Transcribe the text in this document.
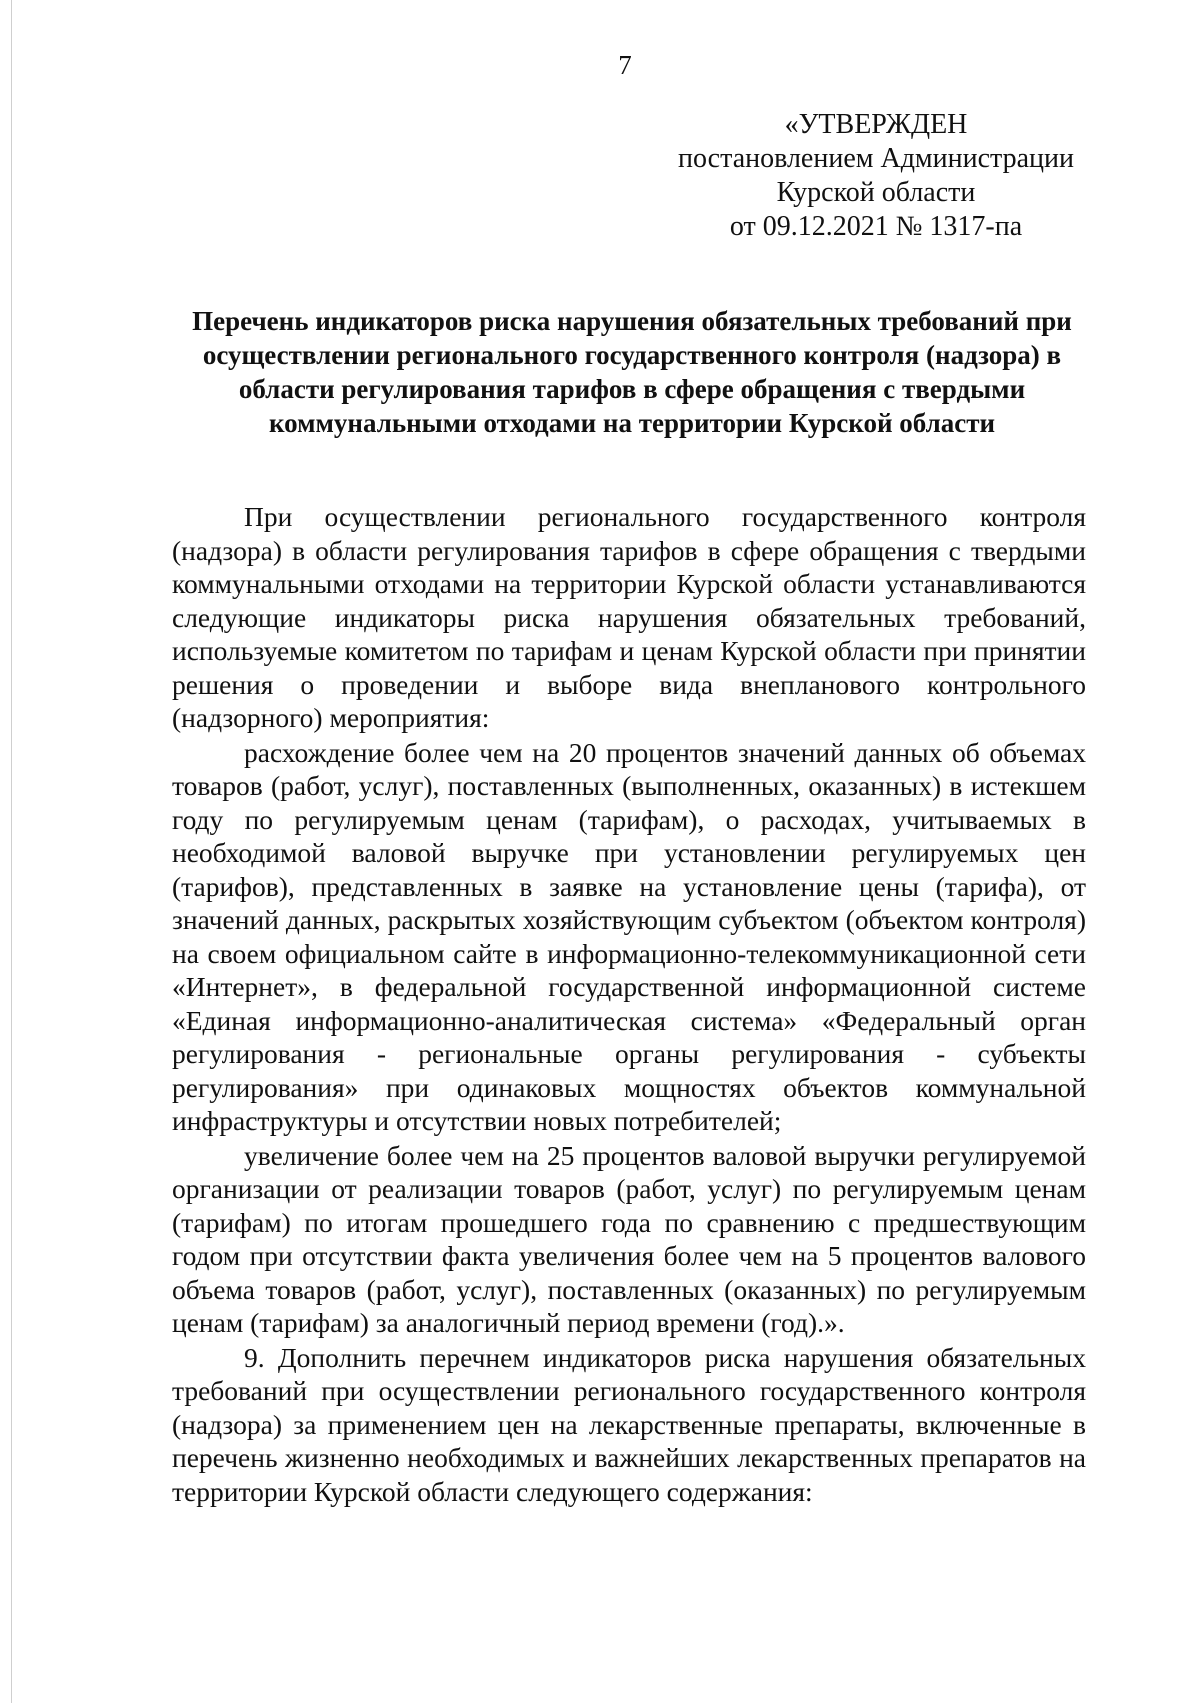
7
«УТВЕРЖДЕН
постановлением Администрации
Курской области
от 09.12.2021 № 1317-па
Перечень индикаторов риска нарушения обязательных требований при осуществлении регионального государственного контроля (надзора) в области регулирования тарифов в сфере обращения с твердыми коммунальными отходами на территории Курской области

При осуществлении регионального государственного контроля (надзора) в области регулирования тарифов в сфере обращения с твердыми коммунальными отходами на территории Курской области устанавливаются следующие индикаторы риска нарушения обязательных требований, используемые комитетом по тарифам и ценам Курской области при принятии решения о проведении и выборе вида внепланового контрольного (надзорного) мероприятия:

расхождение более чем на 20 процентов значений данных об объемах товаров (работ, услуг), поставленных (выполненных, оказанных) в истекшем году по регулируемым ценам (тарифам), о расходах, учитываемых в необходимой валовой выручке при установлении регулируемых цен (тарифов), представленных в заявке на установление цены (тарифа), от значений данных, раскрытых хозяйствующим субъектом (объектом контроля) на своем официальном сайте в информационно-телекоммуникационной сети «Интернет», в федеральной государственной информационной системе «Единая информационно-аналитическая система» «Федеральный орган регулирования - региональные органы регулирования - субъекты регулирования» при одинаковых мощностях объектов коммунальной инфраструктуры и отсутствии новых потребителей;

увеличение более чем на 25 процентов валовой выручки регулируемой организации от реализации товаров (работ, услуг) по регулируемым ценам (тарифам) по итогам прошедшего года по сравнению с предшествующим годом при отсутствии факта увеличения более чем на 5 процентов валового объема товаров (работ, услуг), поставленных (оказанных) по регулируемым ценам (тарифам) за аналогичный период времени (год).».

9. Дополнить перечнем индикаторов риска нарушения обязательных требований при осуществлении регионального государственного контроля (надзора) за применением цен на лекарственные препараты, включенные в перечень жизненно необходимых и важнейших лекарственных препаратов на территории Курской области следующего содержания:
